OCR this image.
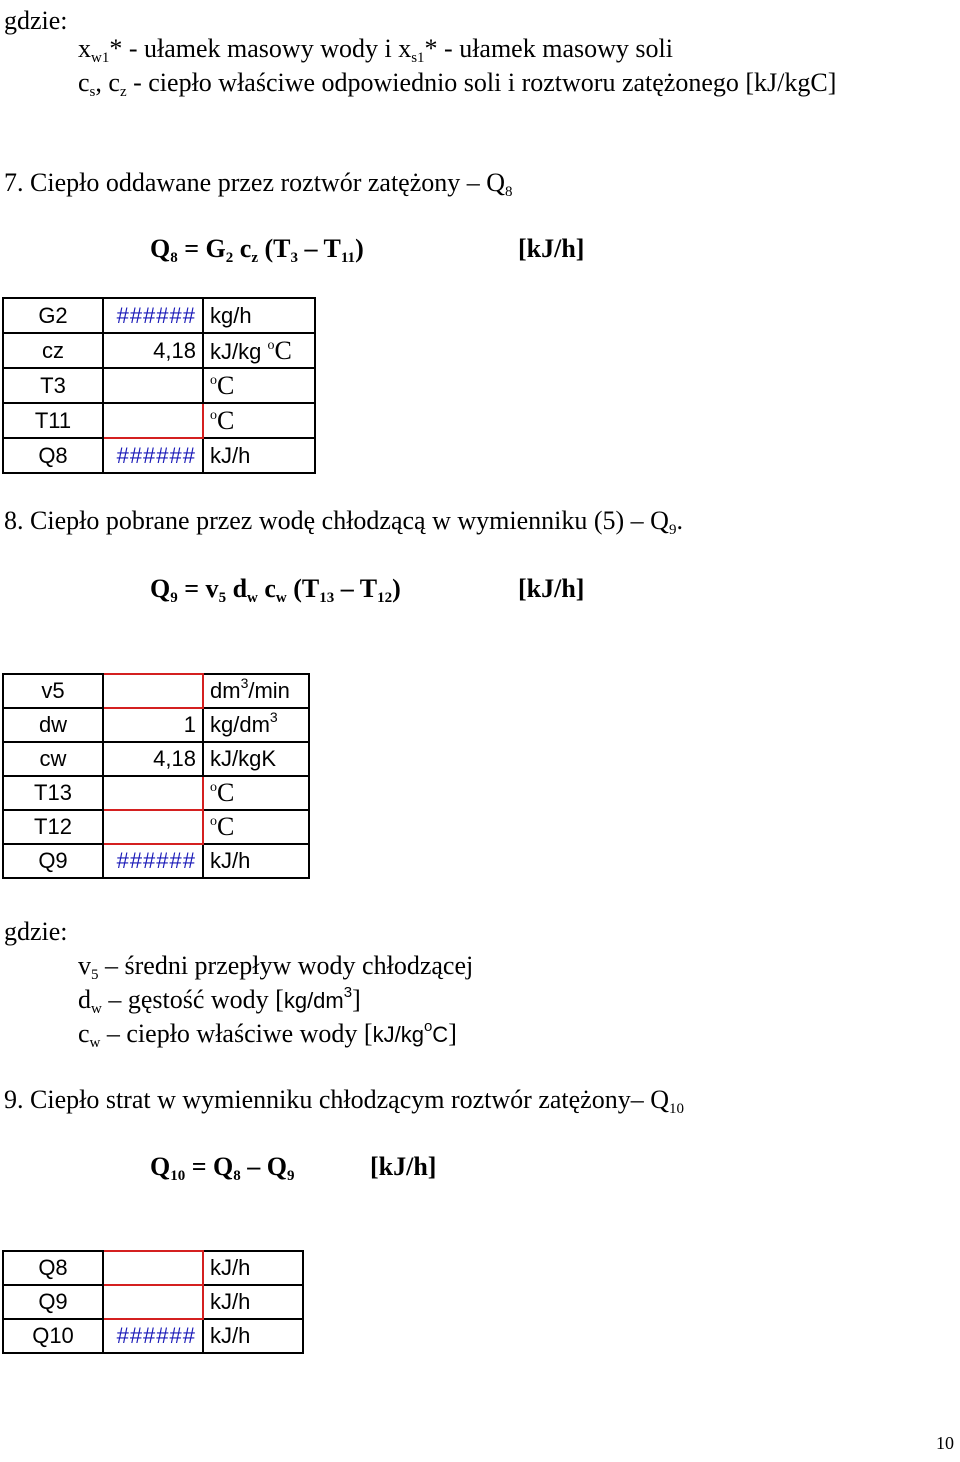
gdzie:
$x_{w1}*$ - ułamek masowy wody i $x_{s1}*$ - ułamek masowy soli
$c_s$, $c_z$ - ciepło właściwe odpowiednio soli i roztworu zatężonego [kJ/kgC]
7. Ciepło oddawane przez roztwór zatężony – $Q_8$
$Q_8 = G_2$ $c_z$ $(T_3 - T_{11})$	[kJ/h]
G2	######	kg/h
cz	4,18	kJ/kg $^o$C
T3		$^o$C
T11		$^o$C
Q8	######	kJ/h
8. Ciepło pobrane przez wodę chłodzącą w wymienniku $(5) - Q_9$.
$Q_9 = v_5$ $d_w$ $c_w$ $(T_{13} - T_{12})$	[kJ/h]
v5		$dm^3/\min$
dw	1	$kg/dm^3$
cw	4,18	kJ/kgK
T13		$^o$C
T12		$^o$C
Q9	######	kJ/h
gdzie:
$v_5$ – średni przepływ wody chłodzącej
$d_w$ – gęstość wody $[kg/dm^3]$
$c_w$ – ciepło właściwe wody $[kJ/kg^oC]$
9. Ciepło strat w wymienniku chłodzącym roztwór zatężony– $Q_{10}$
$Q_{10} = Q_8 - Q_9$	[kJ/h]
Q8		kJ/h
Q9		kJ/h
Q10	######	kJ/h
10
